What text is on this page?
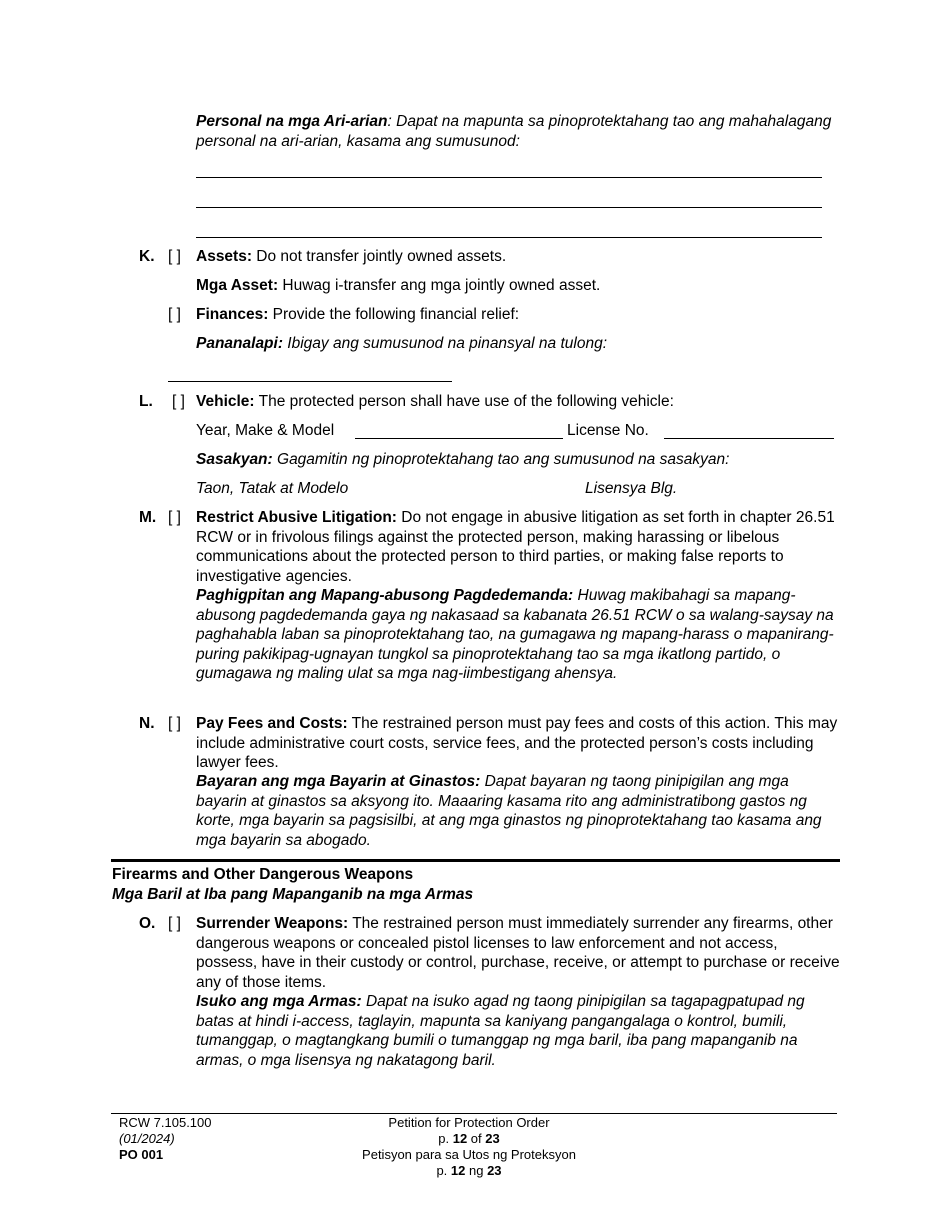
Personal na mga Ari-arian: Dapat na mapunta sa pinoprotektahang tao ang mahahalagang personal na ari-arian, kasama ang sumusunod:
K. [ ] Assets: Do not transfer jointly owned assets.
Mga Asset: Huwag i-transfer ang mga jointly owned asset.
[ ] Finances: Provide the following financial relief:
Pananalapi: Ibigay ang sumusunod na pinansyal na tulong:
L. [ ] Vehicle: The protected person shall have use of the following vehicle:
Year, Make & Model	License No.
Sasakyan: Gagamitin ng pinoprotektahang tao ang sumusunod na sasakyan:
Taon, Tatak at Modelo	Lisensya Blg.
M. [ ] Restrict Abusive Litigation: Do not engage in abusive litigation as set forth in chapter 26.51 RCW or in frivolous filings against the protected person, making harassing or libelous communications about the protected person to third parties, or making false reports to investigative agencies.
Paghigpitan ang Mapang-abusong Pagdedemanda: Huwag makibahagi sa mapang-abusong pagdedemanda gaya ng nakasaad sa kabanata 26.51 RCW o sa walang-saysay na paghahabla laban sa pinoprotektahang tao, na gumagawa ng mapang-harass o mapanirang-puring pakikipag-ugnayan tungkol sa pinoprotektahang tao sa mga ikatlong partido, o gumagawa ng maling ulat sa mga nag-iimbestigang ahensya.
N. [ ] Pay Fees and Costs: The restrained person must pay fees and costs of this action. This may include administrative court costs, service fees, and the protected person’s costs including lawyer fees.
Bayaran ang mga Bayarin at Ginastos: Dapat bayaran ng taong pinipigilan ang mga bayarin at ginastos sa aksyong ito. Maaaring kasama rito ang administratibong gastos ng korte, mga bayarin sa pagsisilbi, at ang mga ginastos ng pinoprotektahang tao kasama ang mga bayarin sa abogado.
Firearms and Other Dangerous Weapons
Mga Baril at Iba pang Mapanganib na mga Armas
O. [ ] Surrender Weapons: The restrained person must immediately surrender any firearms, other dangerous weapons or concealed pistol licenses to law enforcement and not access, possess, have in their custody or control, purchase, receive, or attempt to purchase or receive any of those items.
Isuko ang mga Armas: Dapat na isuko agad ng taong pinipigilan sa tagapagpatupad ng batas at hindi i-access, taglayin, mapunta sa kaniyang pangangalaga o kontrol, bumili, tumanggap, o magtangkang bumili o tumanggap ng mga baril, iba pang mapanganib na armas, o mga lisensya ng nakatagong baril.
RCW 7.105.100
(01/2024)
PO 001
Petition for Protection Order
p. 12 of 23
Petisyon para sa Utos ng Proteksyon
p. 12 ng 23
